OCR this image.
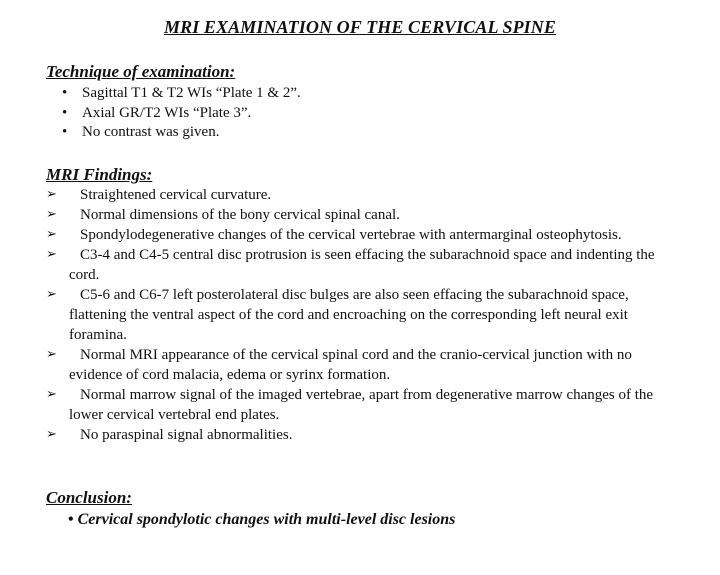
MRI EXAMINATION OF THE CERVICAL SPINE
Technique of examination:
• Sagittal T1 & T2 WIs “Plate 1 & 2”.
• Axial GR/T2 WIs “Plate 3”.
• No contrast was given.
MRI Findings:
➢ Straightened cervical curvature.
➢ Normal dimensions of the bony cervical spinal canal.
➢ Spondylodegenerative changes of the cervical vertebrae with antermarginal osteophytosis.
➢ C3-4 and C4-5 central disc protrusion is seen effacing the subarachnoid space and indenting the cord.
➢ C5-6 and C6-7 left posterolateral disc bulges are also seen effacing the subarachnoid space, flattening the ventral aspect of the cord and encroaching on the corresponding left neural exit foramina.
➢ Normal MRI appearance of the cervical spinal cord and the cranio-cervical junction with no evidence of cord malacia, edema or syrinx formation.
➢ Normal marrow signal of the imaged vertebrae, apart from degenerative marrow changes of the lower cervical vertebral end plates.
➢ No paraspinal signal abnormalities.
Conclusion:
• Cervical spondylotic changes with multi-level disc lesions
